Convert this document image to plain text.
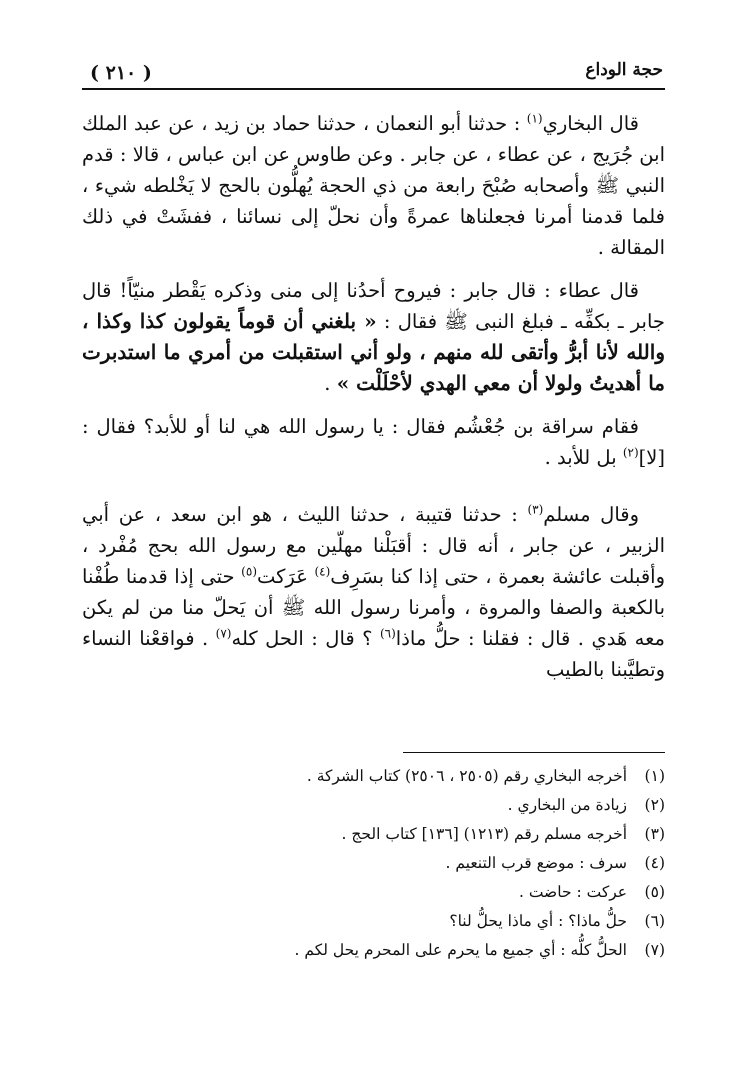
( ٢١٠ )	حجة الوداع

قال البخاري$^{(١)}$ : حدثنا أبو النعمان ، حدثنا حماد بن زيد ، عن عبد الملك ابن جُرَيج ، عن عطاء ، عن جابر . وعن طاوس عن ابن عباس ، قالا : قدم النبي ﷺ وأصحابه صُبْحَ رابعة من ذي الحجة يُهلُّون بالحج لا يَخْلطه شيء ، فلما قدمنا أمرنا فجعلناها عمرةً وأن نحلّ إلى نسائنا ، ففشَتْ في ذلك المقالة .

قال عطاء : قال جابر : فيروح أحدُنا إلى منى وذكره يَقْطر منيّاً! قال جابر ـ بكفِّه ـ فبلغ النبى ﷺ فقال : « بلغني أن قوماً يقولون كذا وكذا ، والله لأنا أبرُّ وأتقى لله منهم ، ولو أني استقبلت من أمري ما استدبرت ما أهديتُ ولولا أن معي الهدي لأحْلَلْت » .

فقام سراقة بن جُعْشُم فقال : يا رسول الله هي لنا أو للأبد؟ فقال : [لا]$^{(٢)}$ بل للأبد .

وقال مسلم$^{(٣)}$ : حدثنا قتيبة ، حدثنا الليث ، هو ابن سعد ، عن أبي الزبير ، عن جابر ، أنه قال : أقبَلْنا مهلّين مع رسول الله بحج مُفْرد ، وأقبلت عائشة بعمرة ، حتى إذا كنا بسَرِف$^{(٤)}$ عَرَكت$^{(٥)}$ حتى إذا قدمنا طُفْنا بالكعبة والصفا والمروة ، وأمرنا رسول الله ﷺ أن يَحلّ منا من لم يكن معه هَدي . قال : فقلنا : حلُّ ماذا$^{(٦)}$ ؟ قال : الحل كله$^{(٧)}$ . فواقعْنا النساء وتطيَّبنا بالطيب

(١)
أخرجه البخاري رقم (٢٥٠٥ ، ٢٥٠٦) كتاب الشركة .
(٢)
زيادة من البخاري .
(٣)
أخرجه مسلم رقم (١٢١٣) [١٣٦] كتاب الحج .
(٤)
سرف : موضع قرب التنعيم .
(٥)
عركت : حاضت .
(٦)
حلُّ ماذا؟ : أي ماذا يحلُّ لنا؟
(٧)
الحلُّ كلُّه : أي جميع ما يحرم على المحرم يحل لكم .
